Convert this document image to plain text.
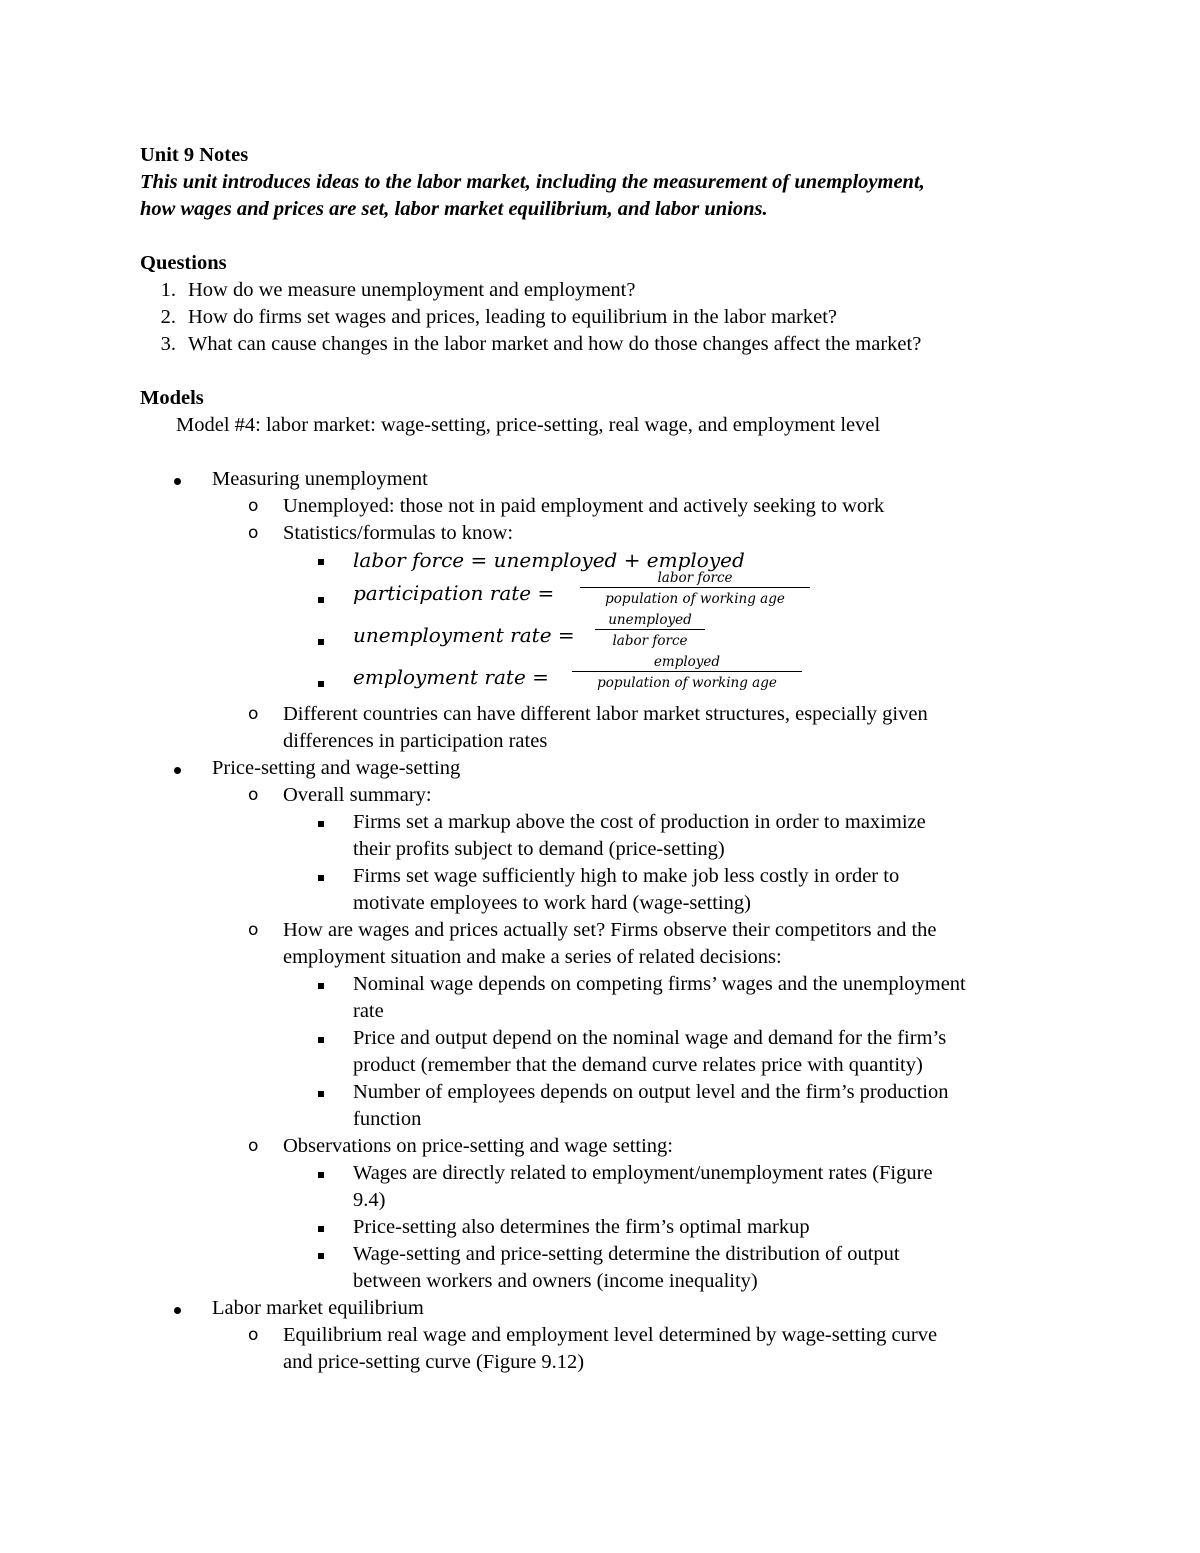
Unit 9 Notes
This unit introduces ideas to the labor market, including the measurement of unemployment,
how wages and prices are set, labor market equilibrium, and labor unions.
Questions
1. How do we measure unemployment and employment?
2. How do firms set wages and prices, leading to equilibrium in the labor market?
3. What can cause changes in the labor market and how do those changes affect the market?
Models
Model #4: labor market: wage-setting, price-setting, real wage, and employment level
Measuring unemployment
o Unemployed: those not in paid employment and actively seeking to work
o Statistics/formulas to know:
labor force = unemployed + employed
participation rate =
labor force
population of working age
unemployment rate =
unemployed
labor force
employment rate =
employed
population of working age
o Different countries can have different labor market structures, especially given
differences in participation rates
Price-setting and wage-setting
o Overall summary:
Firms set a markup above the cost of production in order to maximize
their profits subject to demand (price-setting)
Firms set wage sufficiently high to make job less costly in order to
motivate employees to work hard (wage-setting)
o How are wages and prices actually set? Firms observe their competitors and the
employment situation and make a series of related decisions:
Nominal wage depends on competing firms’ wages and the unemployment
rate
Price and output depend on the nominal wage and demand for the firm’s
product (remember that the demand curve relates price with quantity)
Number of employees depends on output level and the firm’s production
function
o Observations on price-setting and wage setting:
Wages are directly related to employment/unemployment rates (Figure
9.4)
Price-setting also determines the firm’s optimal markup
Wage-setting and price-setting determine the distribution of output
between workers and owners (income inequality)
Labor market equilibrium
o Equilibrium real wage and employment level determined by wage-setting curve
and price-setting curve (Figure 9.12)
